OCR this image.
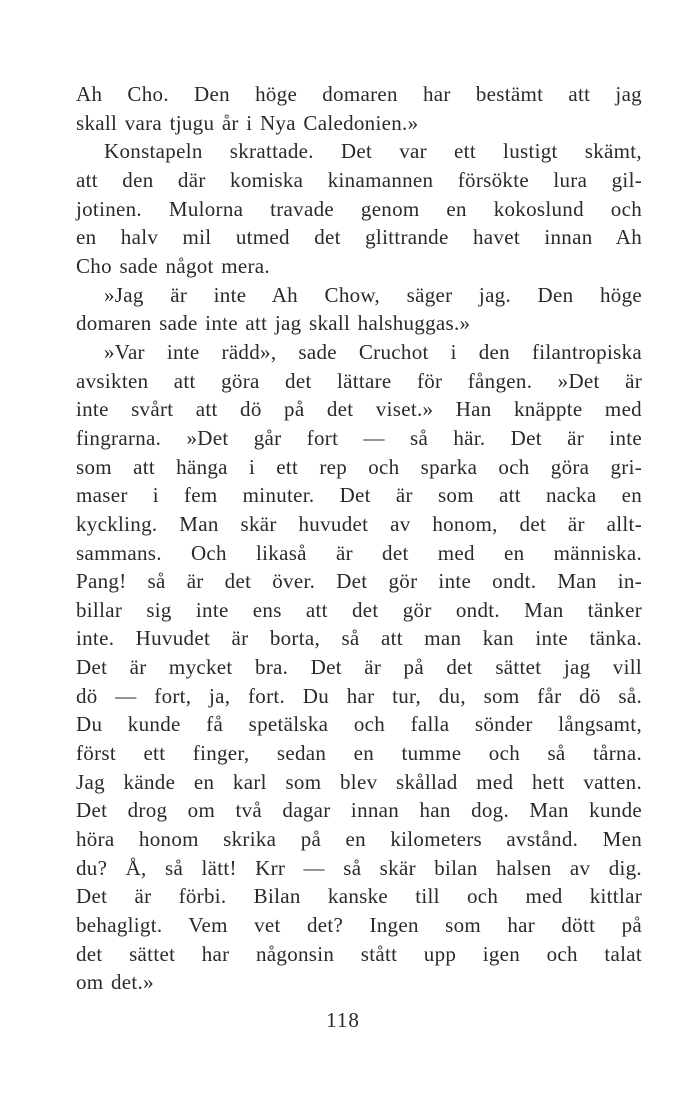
Ah Cho. Den höge domaren har bestämt att jag
skall vara tjugu år i Nya Caledonien.»
Konstapeln skrattade. Det var ett lustigt skämt,
att den där komiska kinamannen försökte lura gil-
jotinen. Mulorna travade genom en kokoslund och
en halv mil utmed det glittrande havet innan Ah
Cho sade något mera.
»Jag är inte Ah Chow, säger jag. Den höge
domaren sade inte att jag skall halshuggas.»
»Var inte rädd», sade Cruchot i den filantropiska
avsikten att göra det lättare för fången. »Det är
inte svårt att dö på det viset.» Han knäppte med
fingrarna. »Det går fort — så här. Det är inte
som att hänga i ett rep och sparka och göra gri-
maser i fem minuter. Det är som att nacka en
kyckling. Man skär huvudet av honom, det är allt-
sammans. Och likaså är det med en människa.
Pang! så är det över. Det gör inte ondt. Man in-
billar sig inte ens att det gör ondt. Man tänker
inte. Huvudet är borta, så att man kan inte tänka.
Det är mycket bra. Det är på det sättet jag vill
dö — fort, ja, fort. Du har tur, du, som får dö så.
Du kunde få spetälska och falla sönder långsamt,
först ett finger, sedan en tumme och så tårna.
Jag kände en karl som blev skållad med hett vatten.
Det drog om två dagar innan han dog. Man kunde
höra honom skrika på en kilometers avstånd. Men
du? Å, så lätt! Krr — så skär bilan halsen av dig.
Det är förbi. Bilan kanske till och med kittlar
behagligt. Vem vet det? Ingen som har dött på
det sättet har någonsin stått upp igen och talat
om det.»
118
